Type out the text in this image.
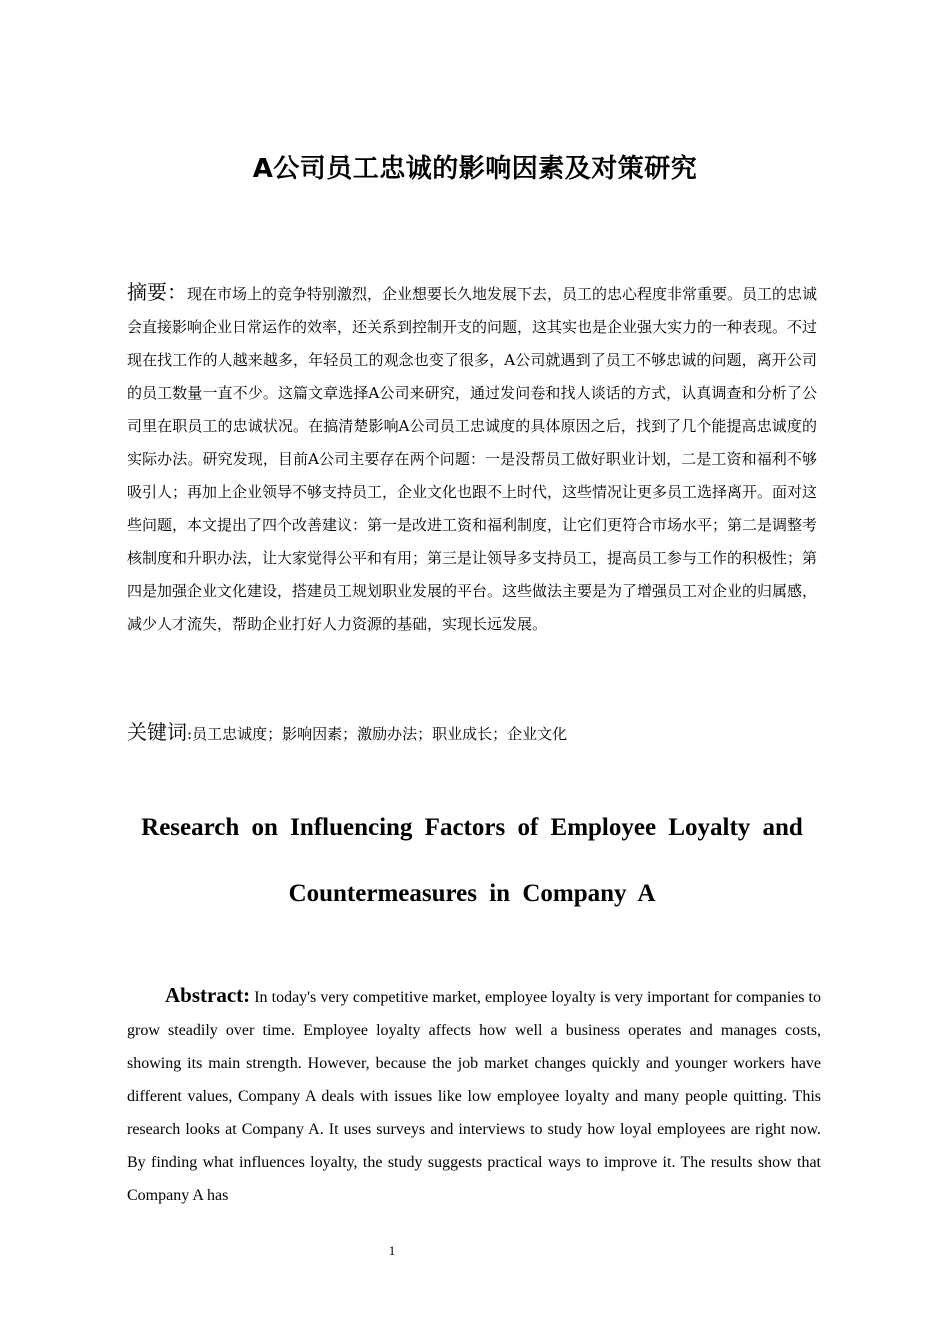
A公司员工忠诚的影响因素及对策研究

摘要：现在市场上的竞争特别激烈，企业想要长久地发展下去，员工的忠心程度非常重要。员工的忠诚会直接影响企业日常运作的效率，还关系到控制开支的问题，这其实也是企业强大实力的一种表现。不过现在找工作的人越来越多，年轻员工的观念也变了很多，A公司就遇到了员工不够忠诚的问题，离开公司的员工数量一直不少。这篇文章选择A公司来研究，通过发问卷和找人谈话的方式，认真调查和分析了公司里在职员工的忠诚状况。在搞清楚影响A公司员工忠诚度的具体原因之后，找到了几个能提高忠诚度的实际办法。研究发现，目前A公司主要存在两个问题：一是没帮员工做好职业计划，二是工资和福利不够吸引人；再加上企业领导不够支持员工，企业文化也跟不上时代，这些情况让更多员工选择离开。面对这些问题，本文提出了四个改善建议：第一是改进工资和福利制度，让它们更符合市场水平；第二是调整考核制度和升职办法，让大家觉得公平和有用；第三是让领导多支持员工，提高员工参与工作的积极性；第四是加强企业文化建设，搭建员工规划职业发展的平台。这些做法主要是为了增强员工对企业的归属感，减少人才流失，帮助企业打好人力资源的基础，实现长远发展。

关键词:员工忠诚度；影响因素；激励办法；职业成长；企业文化

Research on Influencing Factors of Employee Loyalty and Countermeasures in Company A

Abstract: In today's very competitive market, employee loyalty is very important for companies to grow steadily over time. Employee loyalty affects how well a business operates and manages costs, showing its main strength. However, because the job market changes quickly and younger workers have different values, Company A deals with issues like low employee loyalty and many people quitting. This research looks at Company A. It uses surveys and interviews to study how loyal employees are right now. By finding what influences loyalty, the study suggests practical ways to improve it. The results show that Company A has

1
